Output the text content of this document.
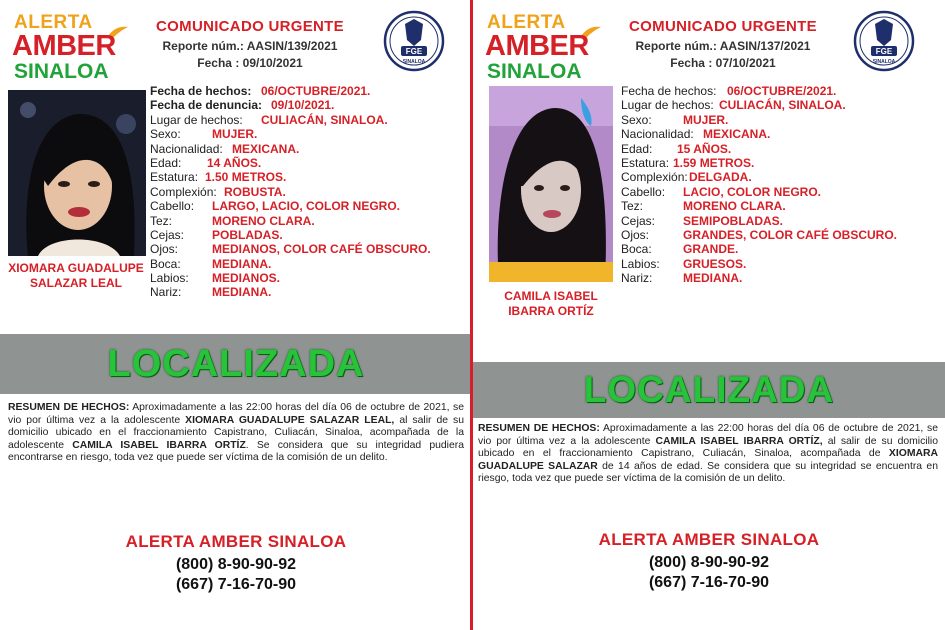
ALERTA
AMBER
SINALOA
COMUNICADO URGENTE
Reporte núm.: AASIN/139/2021
Fecha : 09/10/2021
FGE
SINALOA
XIOMARA GUADALUPE
SALAZAR LEAL
Fecha de hechos: 06/OCTUBRE/2021.
Fecha de denuncia: 09/10/2021.
Lugar de hechos: CULIACÁN, SINALOA.
Sexo:	MUJER.
Nacionalidad: MEXICANA.
Edad: 14 AÑOS.
Estatura: 1.50 METROS.
Complexión: ROBUSTA.
Cabello: LARGO, LACIO, COLOR NEGRO.
Tez:	MORENO CLARA.
Cejas: POBLADAS.
Ojos:	MEDIANOS, COLOR CAFÉ OBSCURO.
Boca:	MEDIANA.
Labios: MEDIANOS.
Nariz:	MEDIANA.
LOCALIZADA
RESUMEN DE HECHOS: Aproximadamente a las 22:00 horas del día 06 de octubre de 2021, se vio por última vez a la adolescente XIOMARA GUADALUPE SALAZAR LEAL, al salir de su domicilio ubicado en el fraccionamiento Capistrano, Culiacán, Sinaloa, acompañada de la adolescente CAMILA ISABEL IBARRA ORTÍZ. Se considera que su integridad pudiera encontrarse en riesgo, toda vez que puede ser víctima de la comisión de un delito.
ALERTA AMBER SINALOA
(800) 8-90-90-92
(667) 7-16-70-90
ALERTA
AMBER
SINALOA
COMUNICADO URGENTE
Reporte núm.: AASIN/137/2021
Fecha : 07/10/2021
FGE
SINALOA
CAMILA ISABEL
IBARRA ORTÍZ
Fecha de hechos: 06/OCTUBRE/2021.
Lugar de hechos: CULIACÁN, SINALOA.
Sexo:	MUJER.
Nacionalidad: MEXICANA.
Edad: 15 AÑOS.
Estatura: 1.59 METROS.
Complexión: DELGADA.
Cabello: LACIO, COLOR NEGRO.
Tez:	MORENO CLARA.
Cejas: SEMIPOBLADAS.
Ojos:	GRANDES, COLOR CAFÉ OBSCURO.
Boca:	GRANDE.
Labios: GRUESOS.
Nariz:	MEDIANA.
LOCALIZADA
RESUMEN DE HECHOS: Aproximadamente a las 22:00 horas del día 06 de octubre de 2021, se vio por última vez a la adolescente CAMILA ISABEL IBARRA ORTÍZ, al salir de su domicilio ubicado en el fraccionamiento Capistrano, Culiacán, Sinaloa, acompañada de XIOMARA GUADALUPE SALAZAR de 14 años de edad. Se considera que su integridad se encuentra en riesgo, toda vez que puede ser víctima de la comisión de un delito.
ALERTA AMBER SINALOA
(800) 8-90-90-92
(667) 7-16-70-90
